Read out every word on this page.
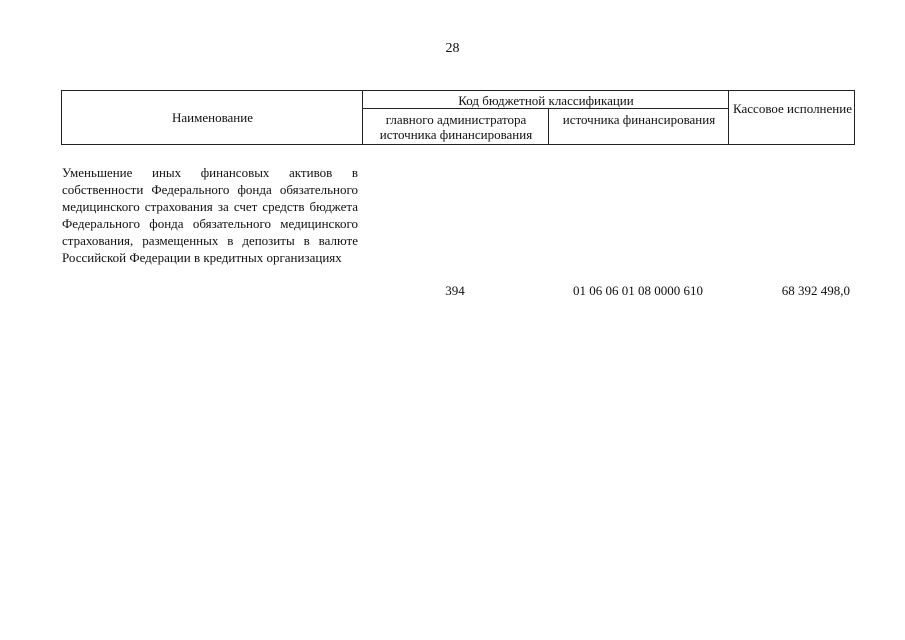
28
Наименование
Код бюджетной классификации
главного администратора источника финансирования
источника финансирования
Кассовое исполнение
Уменьшение иных финансовых активов в собственности Федерального фонда обязательного медицинского страхования за счет средств бюджета Федерального фонда обязательного медицинского страхования, размещенных в депозиты в валюте Российской Федерации в кредитных организациях
394	01 06 06 01 08 0000 610	68 392 498,0
